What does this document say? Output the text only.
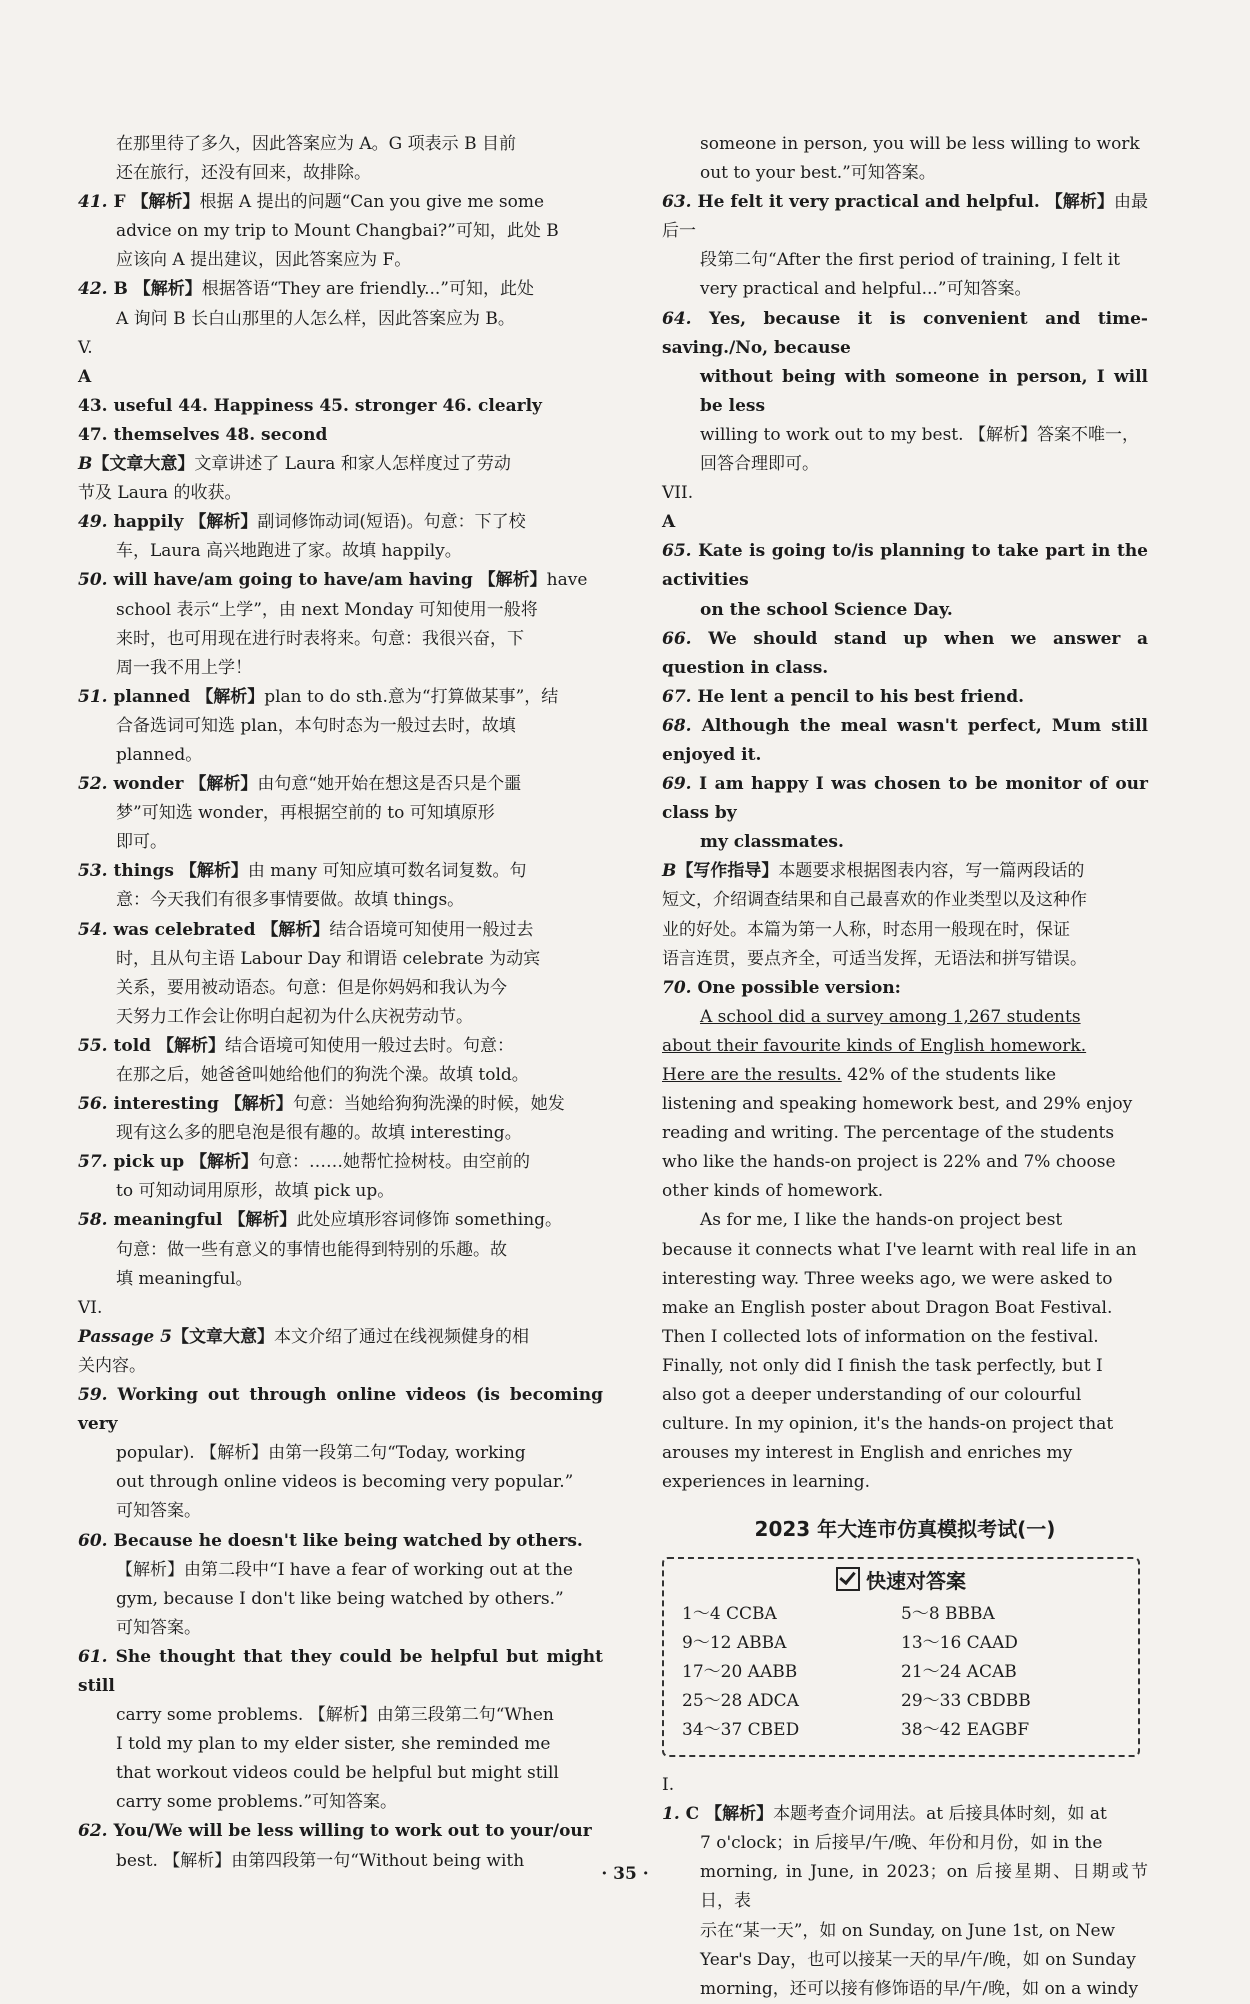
在那里待了多久，因此答案应为 A。G 项表示 B 目前

还在旅行，还没有回来，故排除。

41. F 【解析】根据 A 提出的问题“Can you give me some

advice on my trip to Mount Changbai?”可知，此处 B

应该向 A 提出建议，因此答案应为 F。

42. B 【解析】根据答语“They are friendly...”可知，此处

A 询问 B 长白山那里的人怎么样，因此答案应为 B。

V.

A

43. useful 44. Happiness 45. stronger 46. clearly

47. themselves 48. second

B【文章大意】文章讲述了 Laura 和家人怎样度过了劳动

节及 Laura 的收获。

49. happily 【解析】副词修饰动词(短语)。句意：下了校

车，Laura 高兴地跑进了家。故填 happily。

50. will have/am going to have/am having 【解析】have

school 表示“上学”，由 next Monday 可知使用一般将

来时，也可用现在进行时表将来。句意：我很兴奋，下

周一我不用上学！

51. planned 【解析】plan to do sth.意为“打算做某事”，结

合备选词可知选 plan，本句时态为一般过去时，故填

planned。

52. wonder 【解析】由句意“她开始在想这是否只是个噩

梦”可知选 wonder，再根据空前的 to 可知填原形

即可。

53. things 【解析】由 many 可知应填可数名词复数。句

意：今天我们有很多事情要做。故填 things。

54. was celebrated 【解析】结合语境可知使用一般过去

时，且从句主语 Labour Day 和谓语 celebrate 为动宾

关系，要用被动语态。句意：但是你妈妈和我认为今

天努力工作会让你明白起初为什么庆祝劳动节。

55. told 【解析】结合语境可知使用一般过去时。句意：

在那之后，她爸爸叫她给他们的狗洗个澡。故填 told。

56. interesting 【解析】句意：当她给狗狗洗澡的时候，她发

现有这么多的肥皂泡是很有趣的。故填 interesting。

57. pick up 【解析】句意：……她帮忙捡树枝。由空前的

to 可知动词用原形，故填 pick up。

58. meaningful 【解析】此处应填形容词修饰 something。

句意：做一些有意义的事情也能得到特别的乐趣。故

填 meaningful。

VI.

Passage 5【文章大意】本文介绍了通过在线视频健身的相

关内容。

59. Working out through online videos (is becoming very

popular). 【解析】由第一段第二句“Today, working

out through online videos is becoming very popular.”

可知答案。

60. Because he doesn't like being watched by others.

【解析】由第二段中“I have a fear of working out at the

gym, because I don't like being watched by others.”

可知答案。

61. She thought that they could be helpful but might still

carry some problems. 【解析】由第三段第二句“When

I told my plan to my elder sister, she reminded me

that workout videos could be helpful but might still

carry some problems.”可知答案。

62. You/We will be less willing to work out to your/our

best. 【解析】由第四段第一句“Without being with

someone in person, you will be less willing to work

out to your best.”可知答案。

63. He felt it very practical and helpful. 【解析】由最后一

段第二句“After the first period of training, I felt it

very practical and helpful...”可知答案。

64. Yes, because it is convenient and time-saving./No, because

without being with someone in person, I will be less

willing to work out to my best. 【解析】答案不唯一，

回答合理即可。

VII.

A

65. Kate is going to/is planning to take part in the activities

on the school Science Day.

66. We should stand up when we answer a question in class.

67. He lent a pencil to his best friend.

68. Although the meal wasn't perfect, Mum still enjoyed it.

69. I am happy I was chosen to be monitor of our class by

my classmates.

B【写作指导】本题要求根据图表内容，写一篇两段话的

短文，介绍调查结果和自己最喜欢的作业类型以及这种作

业的好处。本篇为第一人称，时态用一般现在时，保证

语言连贯，要点齐全，可适当发挥，无语法和拼写错误。

70. One possible version:

A school did a survey among 1,267 students

about their favourite kinds of English homework.

Here are the results. 42% of the students like

listening and speaking homework best, and 29% enjoy

reading and writing. The percentage of the students

who like the hands-on project is 22% and 7% choose

other kinds of homework.

As for me, I like the hands-on project best

because it connects what I've learnt with real life in an

interesting way. Three weeks ago, we were asked to

make an English poster about Dragon Boat Festival.

Then I collected lots of information on the festival.

Finally, not only did I finish the task perfectly, but I

also got a deeper understanding of our colourful

culture. In my opinion, it's the hands-on project that

arouses my interest in English and enriches my

experiences in learning.

2023 年大连市仿真模拟考试(一)
快速对答案
1～4 CCBA	5～8 BBBA
9～12 ABBA	13～16 CAAD
17～20 AABB	21～24 ACAB
25～28 ADCA	29～33 CBDBB
34～37 CBED	38～42 EAGBF

I.

1. C 【解析】本题考查介词用法。at 后接具体时刻，如 at

7 o'clock；in 后接早/午/晚、年份和月份，如 in the

morning, in June, in 2023；on 后接星期、日期或节日，表

示在“某一天”，如 on Sunday, on June 1st, on New

Year's Day，也可以接某一天的早/午/晚，如 on Sunday

morning，还可以接有修饰语的早/午/晚，如 on a windy

· 35 ·
